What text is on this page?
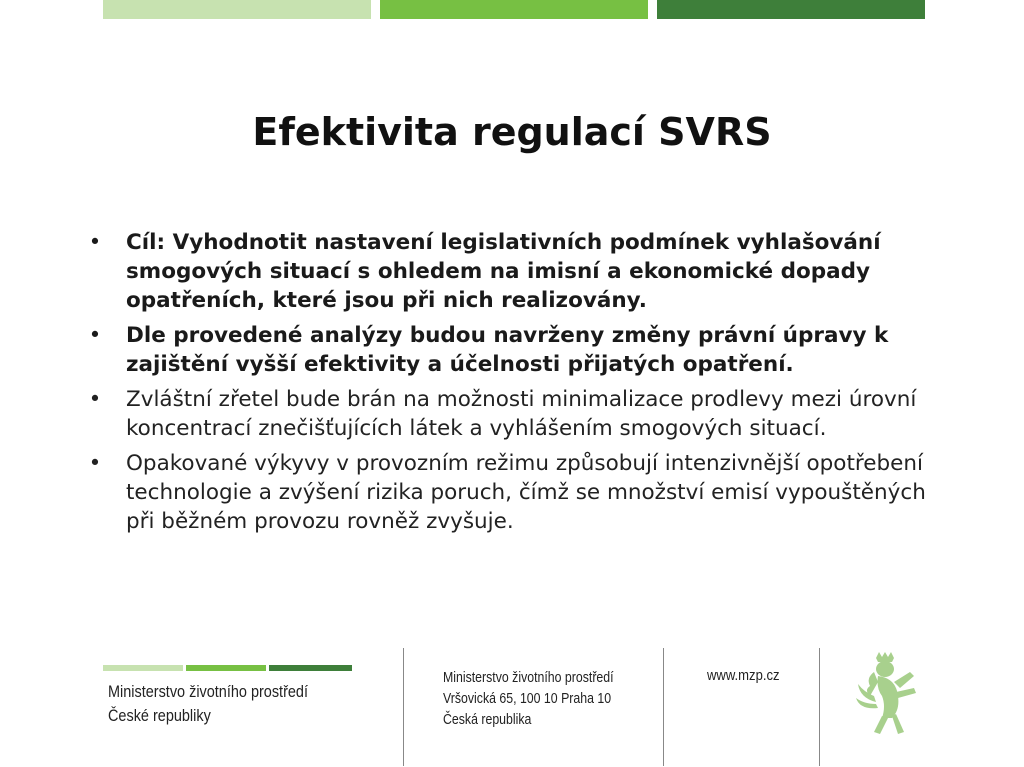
Efektivita regulací SVRS
• Cíl: Vyhodnotit nastavení legislativních podmínek vyhlašování smogových situací s ohledem na imisní a ekonomické dopady opatřeních, které jsou při nich realizovány.
• Dle provedené analýzy budou navrženy změny právní úpravy k zajištění vyšší efektivity a účelnosti přijatých opatření.
• Zvláštní zřetel bude brán na možnosti minimalizace prodlevy mezi úrovní koncentrací znečišťujících látek a vyhlášením smogových situací.
• Opakované výkyvy v provozním režimu způsobují intenzivnější opotřebení technologie a zvýšení rizika poruch, čímž se množství emisí vypouštěných při běžném provozu rovněž zvyšuje.
Ministerstvo životního prostředí
České republiky
Ministerstvo životního prostředí
Vršovická 65, 100 10 Praha 10
Česká republika
www.mzp.cz
